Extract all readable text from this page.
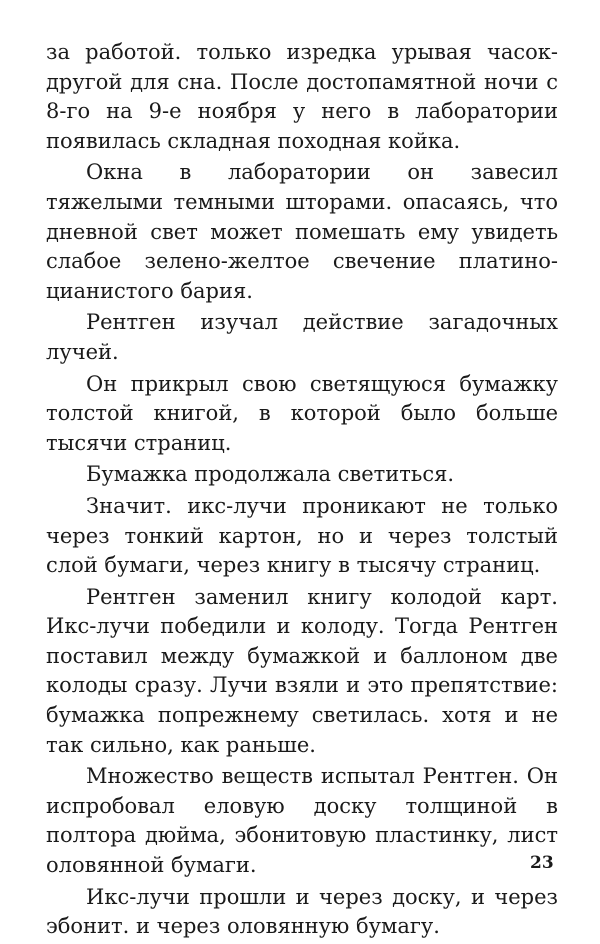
за работой. только изредка урывая часок-другой для сна. После достопамятной ночи с 8-го на 9-е ноября у него в лаборатории появилась складная походная койка.

Окна в лаборатории он завесил тяжелыми темными шторами. опасаясь, что дневной свет может помешать ему увидеть слабое зелено-желтое свечение платино-цианистого бария.

Рентген изучал действие загадочных лучей.

Он прикрыл свою светящуюся бумажку толстой книгой, в которой было больше тысячи страниц.

Бумажка продолжала светиться.

Значит. икс-лучи проникают не только через тонкий картон, но и через толстый слой бумаги, через книгу в тысячу страниц.

Рентген заменил книгу колодой карт. Икс-лучи победили и колоду. Тогда Рентген поставил между бумажкой и баллоном две колоды сразу. Лучи взяли и это препятствие: бумажка попрежнему светилась. хотя и не так сильно, как раньше.

Множество веществ испытал Рентген. Он испробовал еловую доску толщиной в полтора дюйма, эбонитовую пластинку, лист оловянной бумаги.

Икс-лучи прошли и через доску, и через эбонит. и через оловянную бумагу.

23
